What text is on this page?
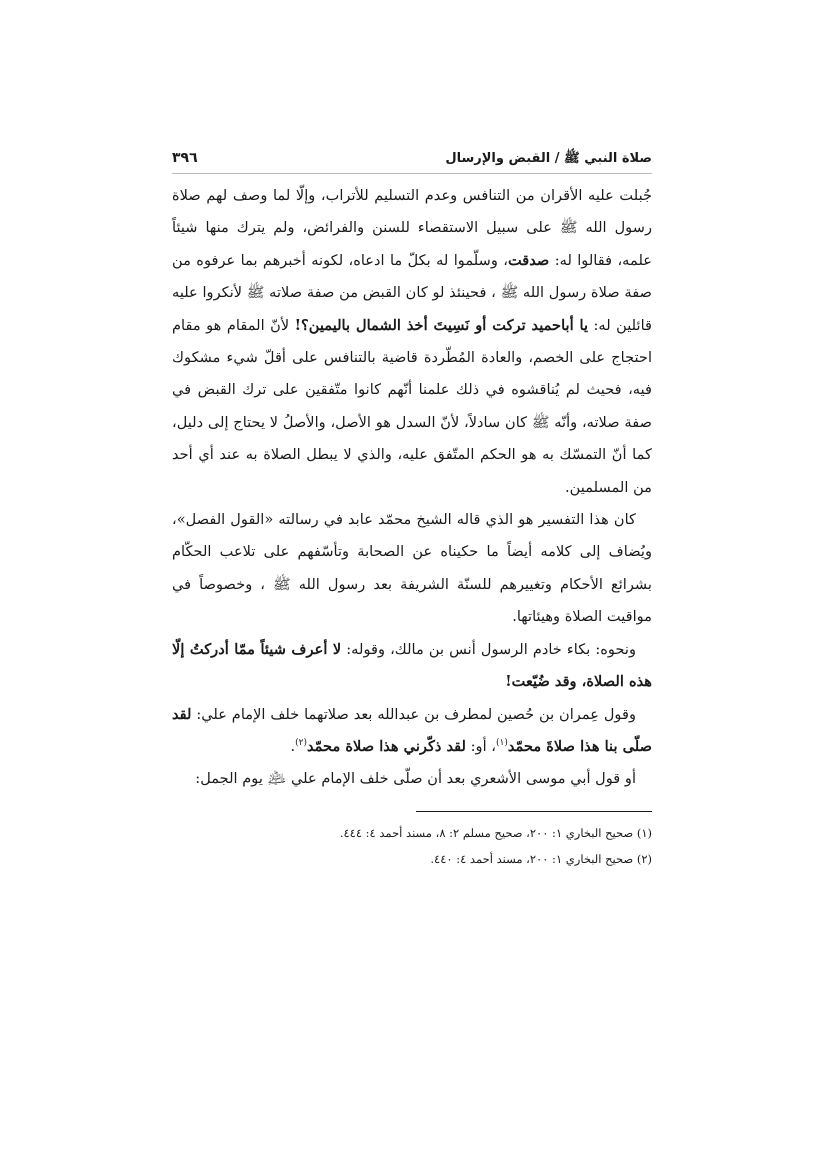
صلاة النبي ﷺ / القبض والإرسال
٣٩٦

جُبلت عليه الأقران من التنافس وعدم التسليم للأتراب، وإلّا لما وصف لهم صلاة رسول الله ﷺ على سبيل الاستقصاء للسنن والفرائض، ولم يترك منها شيئاً علمه، فقالوا له: صدقت، وسلّموا له بكلّ ما ادعاه، لكونه أخبرهم بما عرفوه من صفة صلاة رسول الله ﷺ ، فحينئذ لو كان القبض من صفة صلاته ﷺ لأنكروا عليه قائلين له: يا أباحميد تركت أو نَسِيتَ أخذ الشمال باليمين؟! لأنّ المقام هو مقام احتجاج على الخصم، والعادة المُطّردة قاضية بالتنافس على أقلّ شيء مشكوك فيه، فحيث لم يُناقشوه في ذلك علمنا أنّهم كانوا متّفقين على ترك القبض في صفة صلاته، وأنّه ﷺ كان سادلاً، لأنّ السدل هو الأصل، والأصلُ لا يحتاج إلى دليل، كما أنّ التمسّك به هو الحكم المتّفق عليه، والذي لا يبطل الصلاة به عند أي أحد من المسلمين.

كان هذا التفسير هو الذي قاله الشيخ محمّد عابد في رسالته «القول الفصل»، ويُضاف إلى كلامه أيضاً ما حكيناه عن الصحابة وتأسّفهم على تلاعب الحكّام بشرائع الأحكام وتغييرهم للسنّة الشريفة بعد رسول الله ﷺ ، وخصوصاً في مواقيت الصلاة وهيئاتها.

ونحوه: بكاء خادم الرسول أنس بن مالك، وقوله: لا أعرف شيئاً ممّا أدركتُ إلّا هذه الصلاة، وقد ضُيّعت!

وقول عِمران بن حُصين لمطرف بن عبدالله بعد صلاتهما خلف الإمام علي: لقد صلّى بنا هذا صلاةَ محمّد$^{(١)}$، أو: لقد ذكّرني هذا صلاة محمّد$^{(٢)}$.

أو قول أبي موسى الأشعري بعد أن صلّى خلف الإمام علي ﵇ يوم الجمل:

(١) صحيح البخاري ١: ٢٠٠، صحيح مسلم ٢: ٨، مسند أحمد ٤: ٤٤٤.

(٢) صحيح البخاري ١: ٢٠٠، مسند أحمد ٤: ٤٤٠.
